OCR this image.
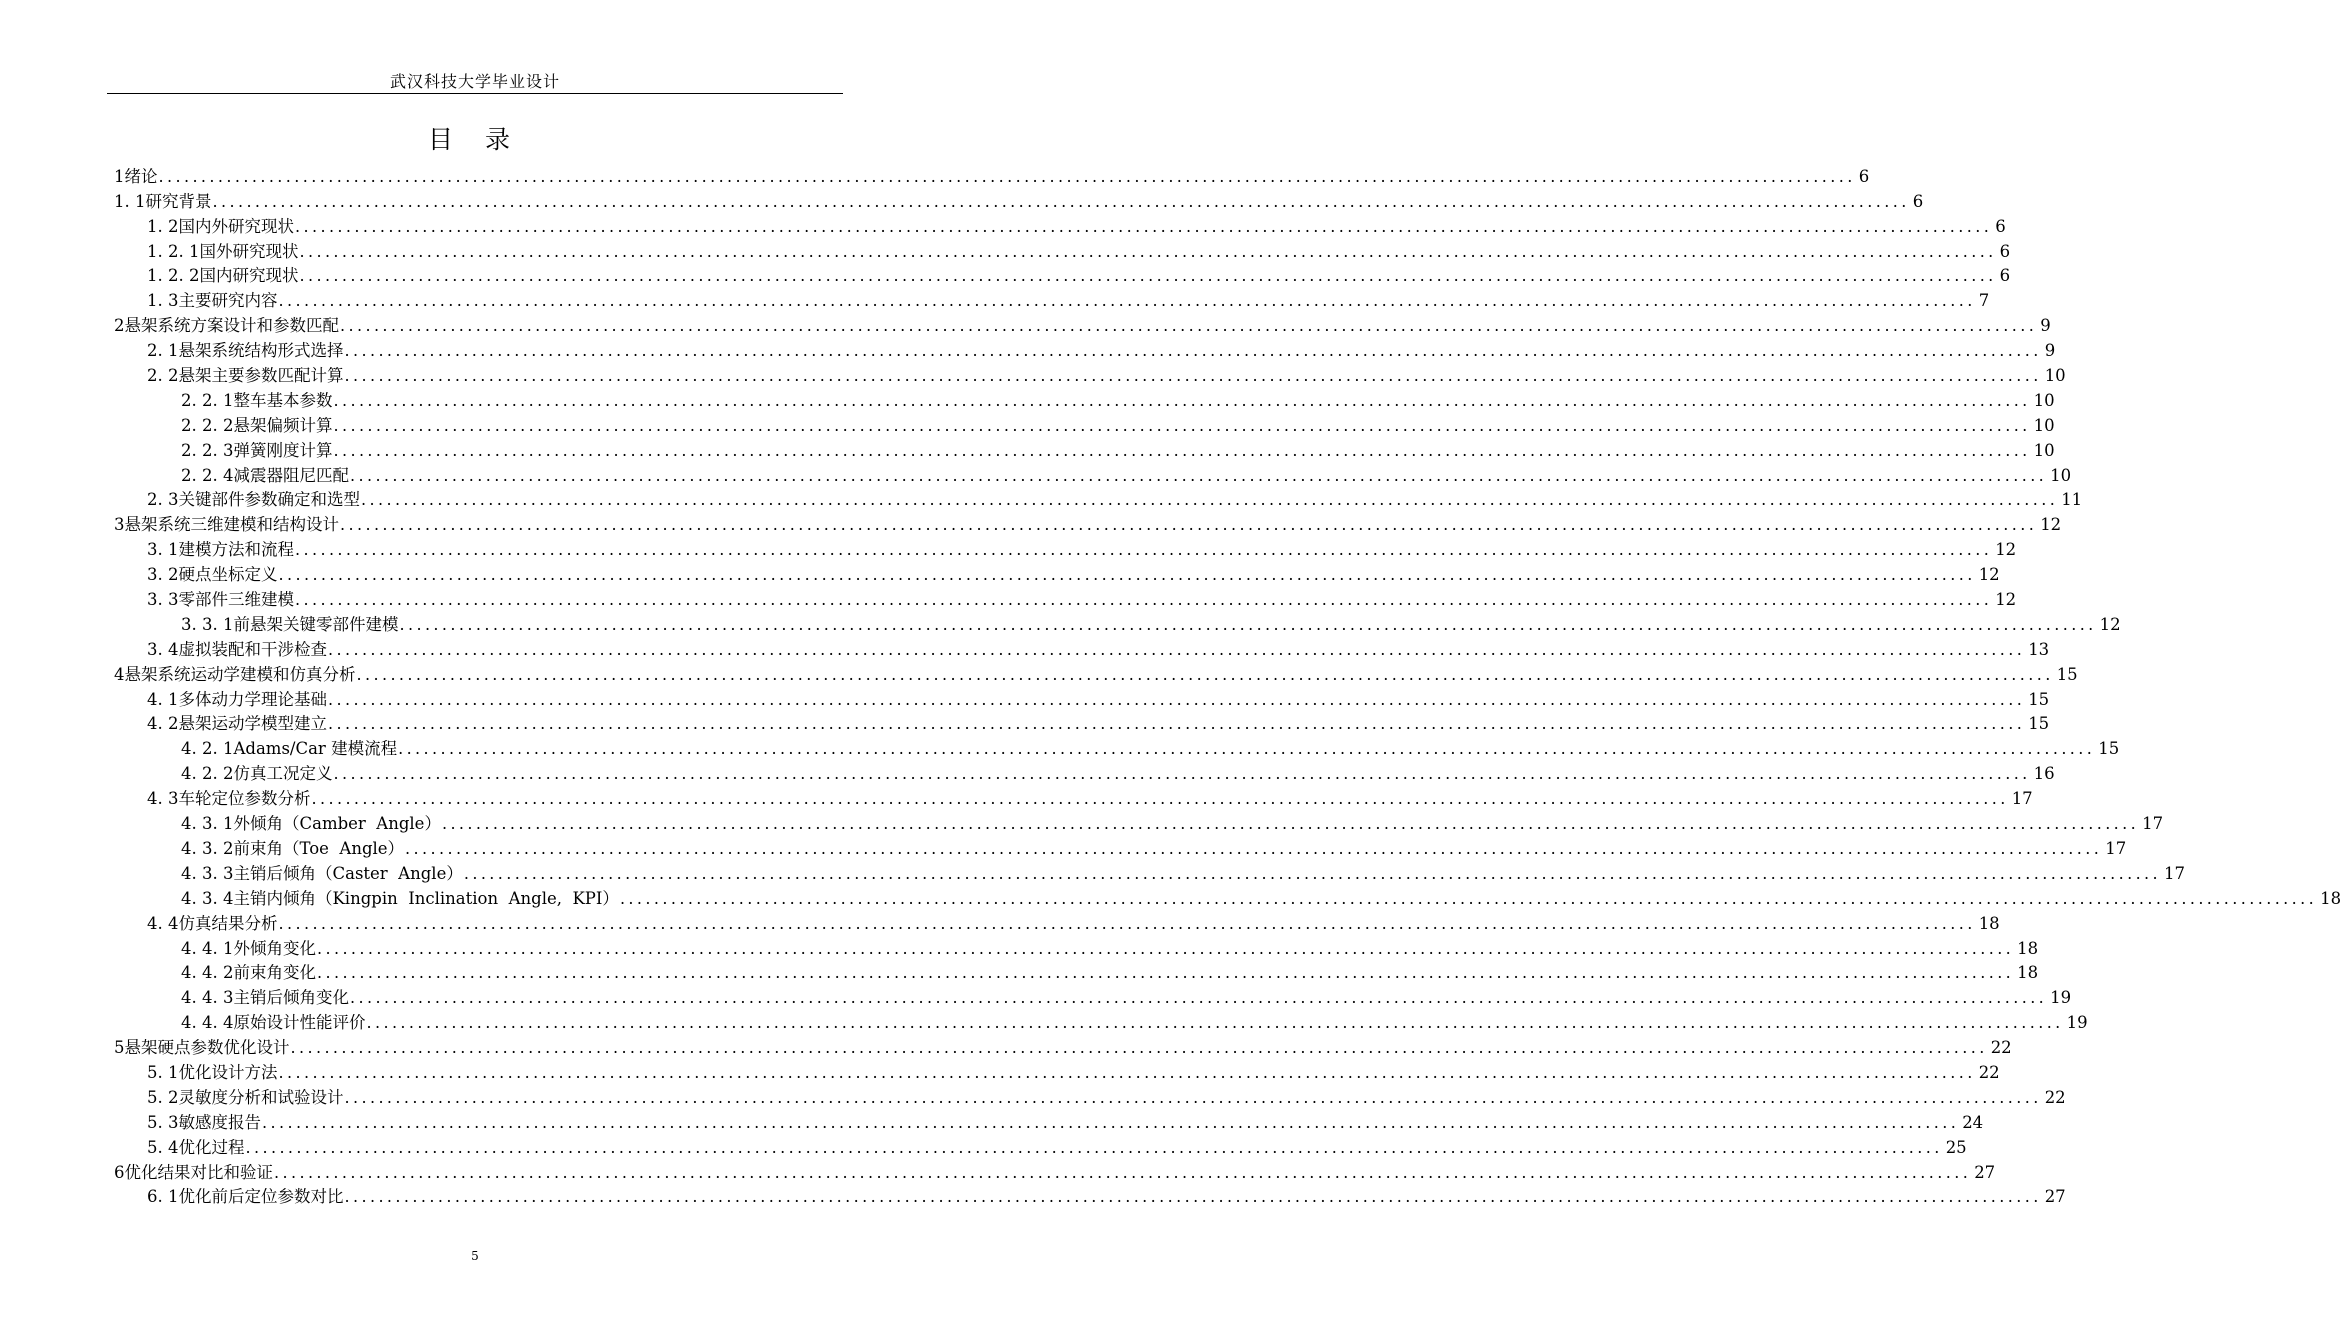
武汉科技大学毕业设计
目 录
1 绪论 ........................................................................................................................................................................................................ 6
1. 1 研究背景 ........................................................................................................................................................................................................ 6
1. 2 国内外研究现状 ........................................................................................................................................................................................................ 6
1. 2. 1 国外研究现状 ........................................................................................................................................................................................................ 6
1. 2. 2 国内研究现状 ........................................................................................................................................................................................................ 6
1. 3 主要研究内容 ........................................................................................................................................................................................................ 7
2 悬架系统方案设计和参数匹配 ........................................................................................................................................................................................................ 9
2. 1 悬架系统结构形式选择 ........................................................................................................................................................................................................ 9
2. 2 悬架主要参数匹配计算 ........................................................................................................................................................................................................ 10
2. 2. 1 整车基本参数 ........................................................................................................................................................................................................ 10
2. 2. 2 悬架偏频计算 ........................................................................................................................................................................................................ 10
2. 2. 3 弹簧刚度计算 ........................................................................................................................................................................................................ 10
2. 2. 4 减震器阻尼匹配 ........................................................................................................................................................................................................ 10
2. 3 关键部件参数确定和选型 ........................................................................................................................................................................................................ 11
3 悬架系统三维建模和结构设计 ........................................................................................................................................................................................................ 12
3. 1 建模方法和流程 ........................................................................................................................................................................................................ 12
3. 2 硬点坐标定义 ........................................................................................................................................................................................................ 12
3. 3 零部件三维建模 ........................................................................................................................................................................................................ 12
3. 3. 1 前悬架关键零部件建模 ........................................................................................................................................................................................................ 12
3. 4 虚拟装配和干涉检查 ........................................................................................................................................................................................................ 13
4 悬架系统运动学建模和仿真分析 ........................................................................................................................................................................................................ 15
4. 1 多体动力学理论基础 ........................................................................................................................................................................................................ 15
4. 2 悬架运动学模型建立 ........................................................................................................................................................................................................ 15
4. 2. 1 Adams/Car 建模流程 ........................................................................................................................................................................................................ 15
4. 2. 2 仿真工况定义 ........................................................................................................................................................................................................ 16
4. 3 车轮定位参数分析 ........................................................................................................................................................................................................ 17
4. 3. 1 外倾角（Camber  Angle） ........................................................................................................................................................................................................ 17
4. 3. 2 前束角（Toe  Angle） ........................................................................................................................................................................................................ 17
4. 3. 3 主销后倾角（Caster  Angle） ........................................................................................................................................................................................................ 17
4. 3. 4 主销内倾角（Kingpin  Inclination  Angle,  KPI） ........................................................................................................................................................................................................ 18
4. 4 仿真结果分析 ........................................................................................................................................................................................................ 18
4. 4. 1 外倾角变化 ........................................................................................................................................................................................................ 18
4. 4. 2 前束角变化 ........................................................................................................................................................................................................ 18
4. 4. 3 主销后倾角变化 ........................................................................................................................................................................................................ 19
4. 4. 4 原始设计性能评价 ........................................................................................................................................................................................................ 19
5 悬架硬点参数优化设计 ........................................................................................................................................................................................................ 22
5. 1 优化设计方法 ........................................................................................................................................................................................................ 22
5. 2 灵敏度分析和试验设计 ........................................................................................................................................................................................................ 22
5. 3 敏感度报告 ........................................................................................................................................................................................................ 24
5. 4 优化过程 ........................................................................................................................................................................................................ 25
6 优化结果对比和验证 ........................................................................................................................................................................................................ 27
6. 1 优化前后定位参数对比 ........................................................................................................................................................................................................ 27
5
